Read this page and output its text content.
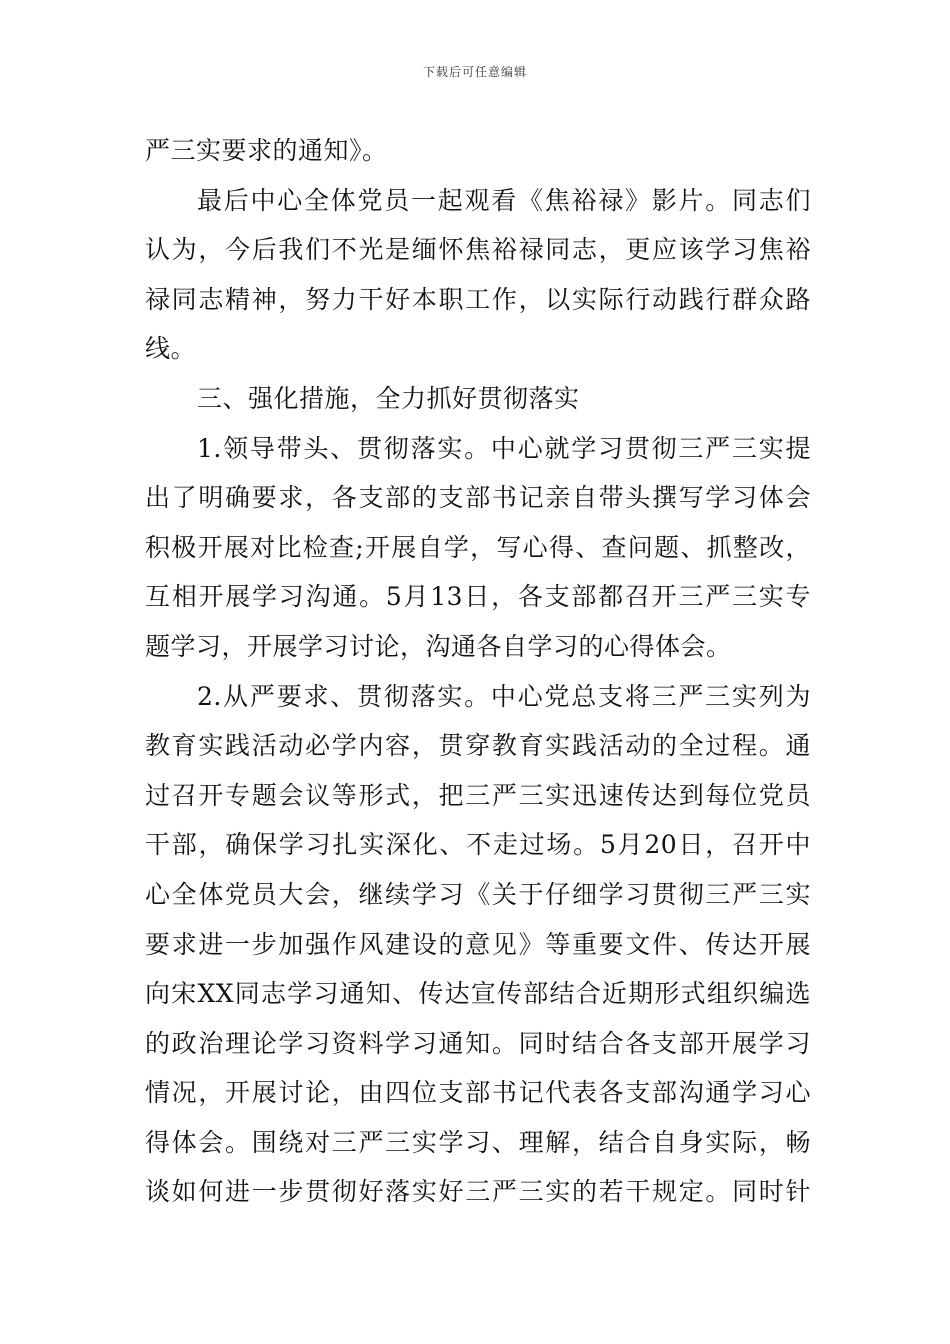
下载后可任意编辑
严三实要求的通知》。
最后中心全体党员一起观看《焦裕禄》影片。同志们
认为，今后我们不光是缅怀焦裕禄同志，更应该学习焦裕
禄同志精神，努力干好本职工作，以实际行动践行群众路
线。
三、强化措施，全力抓好贯彻落实
1.领导带头、贯彻落实。中心就学习贯彻三严三实提
出了明确要求，各支部的支部书记亲自带头撰写学习体会
积极开展对比检查;开展自学，写心得、查问题、抓整改，
互相开展学习沟通。5月13日，各支部都召开三严三实专
题学习，开展学习讨论，沟通各自学习的心得体会。
2.从严要求、贯彻落实。中心党总支将三严三实列为
教育实践活动必学内容，贯穿教育实践活动的全过程。通
过召开专题会议等形式，把三严三实迅速传达到每位党员
干部，确保学习扎实深化、不走过场。5月20日，召开中
心全体党员大会，继续学习《关于仔细学习贯彻三严三实
要求进一步加强作风建设的意见》等重要文件、传达开展
向宋XX同志学习通知、传达宣传部结合近期形式组织编选
的政治理论学习资料学习通知。同时结合各支部开展学习
情况，开展讨论，由四位支部书记代表各支部沟通学习心
得体会。围绕对三严三实学习、理解，结合自身实际，畅
谈如何进一步贯彻好落实好三严三实的若干规定。同时针
